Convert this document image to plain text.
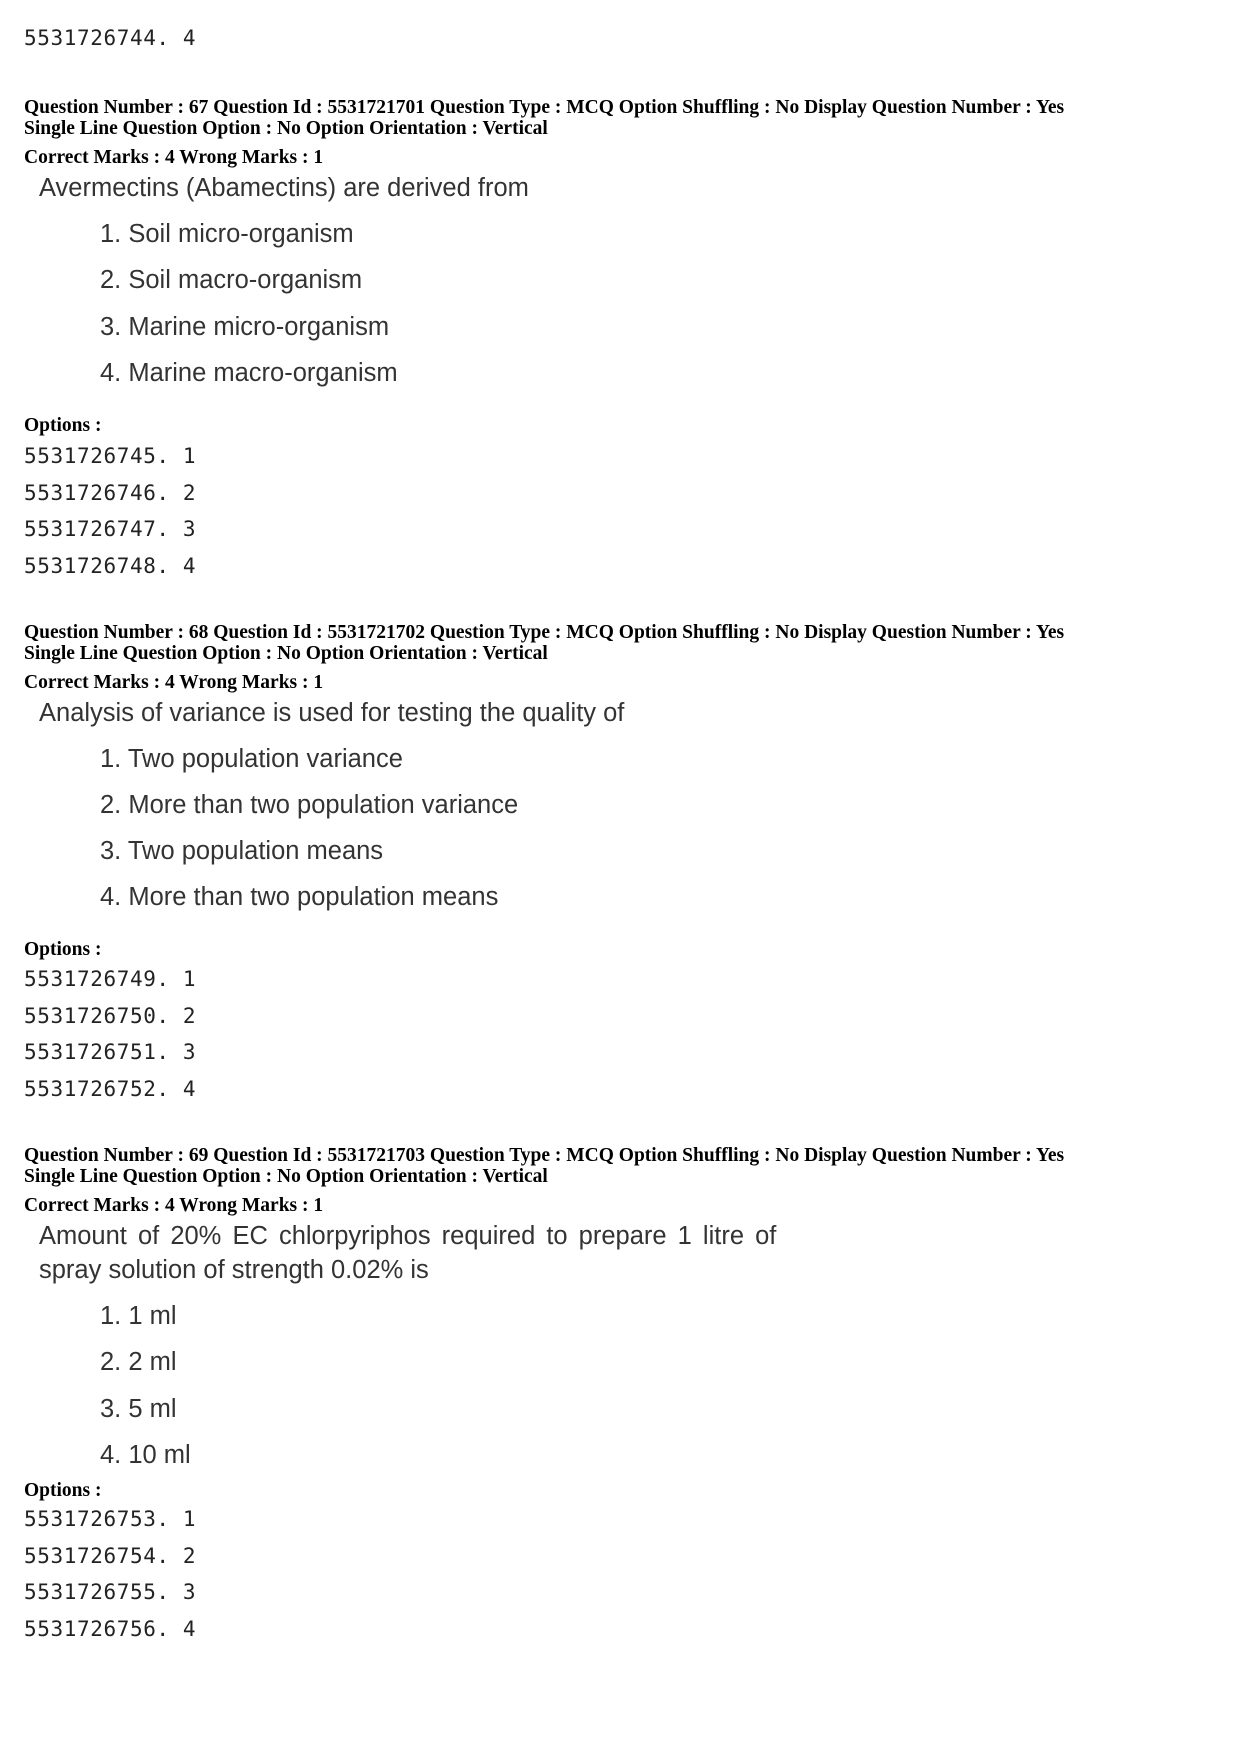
5531726744. 4
Question Number : 67 Question Id : 5531721701 Question Type : MCQ Option Shuffling : No Display Question Number : Yes
Single Line Question Option : No Option Orientation : Vertical
Correct Marks : 4 Wrong Marks : 1
Avermectins (Abamectins) are derived from
1. Soil micro-organism
2. Soil macro-organism
3. Marine micro-organism
4. Marine macro-organism
Options :
5531726745. 1
5531726746. 2
5531726747. 3
5531726748. 4
Question Number : 68 Question Id : 5531721702 Question Type : MCQ Option Shuffling : No Display Question Number : Yes
Single Line Question Option : No Option Orientation : Vertical
Correct Marks : 4 Wrong Marks : 1
Analysis of variance is used for testing the quality of
1. Two population variance
2. More than two population variance
3. Two population means
4. More than two population means
Options :
5531726749. 1
5531726750. 2
5531726751. 3
5531726752. 4
Question Number : 69 Question Id : 5531721703 Question Type : MCQ Option Shuffling : No Display Question Number : Yes
Single Line Question Option : No Option Orientation : Vertical
Correct Marks : 4 Wrong Marks : 1
Amount of 20% EC chlorpyriphos required to prepare 1 litre of
spray solution of strength 0.02% is
1. 1 ml
2. 2 ml
3. 5 ml
4. 10 ml
Options :
5531726753. 1
5531726754. 2
5531726755. 3
5531726756. 4
